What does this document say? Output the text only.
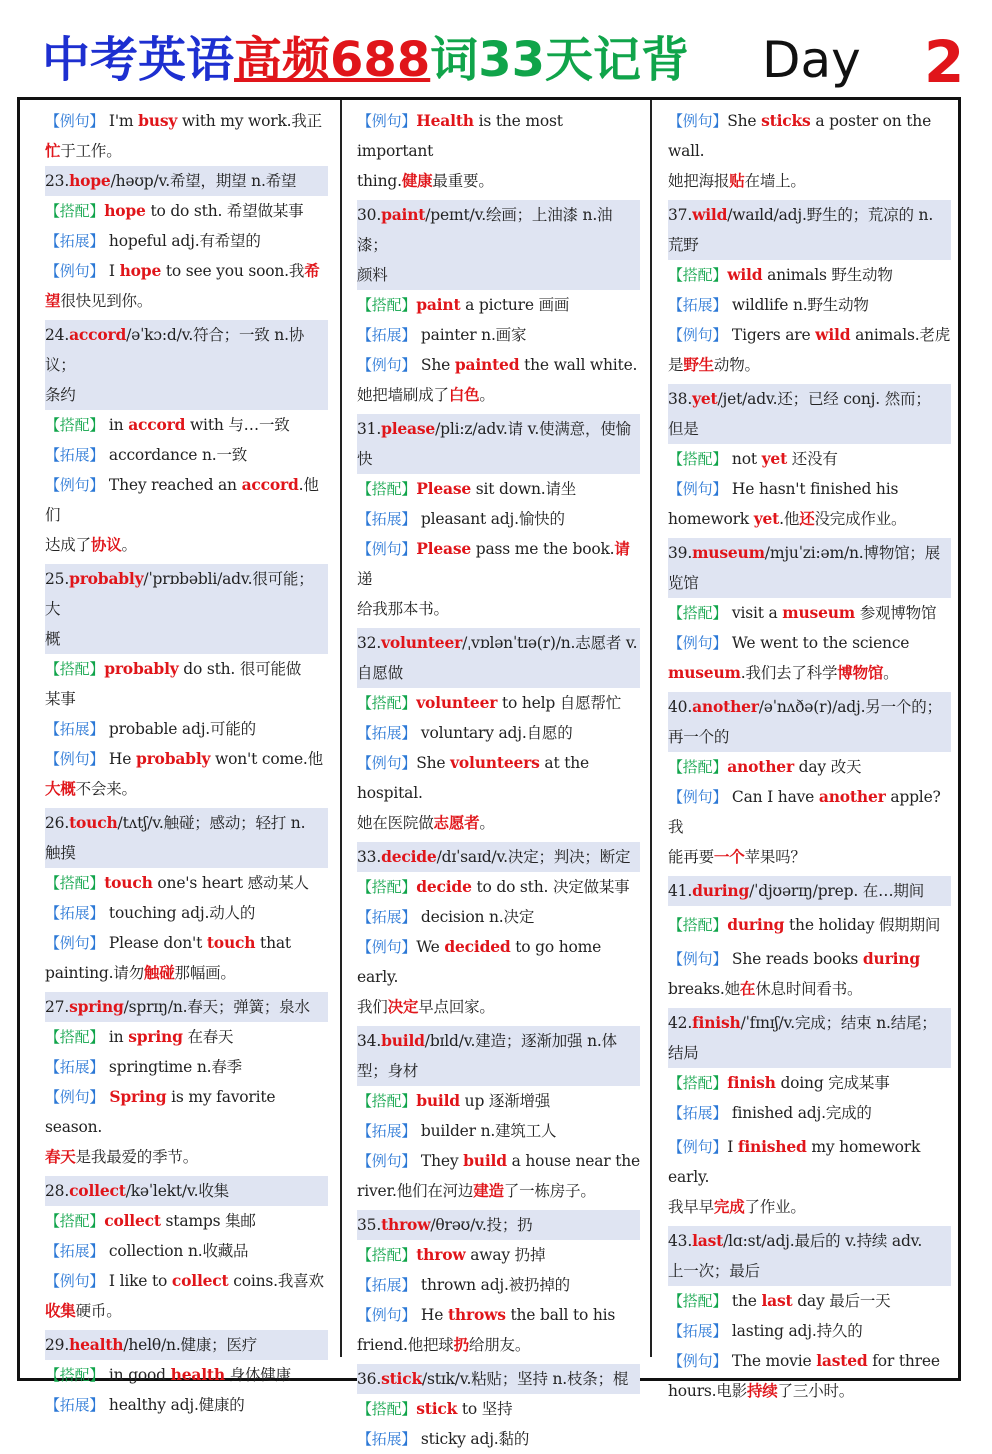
中考英语高频688词33天记背 Day 2

【例句】 I'm busy with my work.我正

忙于工作。

23.hope/həʊp/v.希望，期望 n.希望

【搭配】hope to do sth. 希望做某事

【拓展】 hopeful adj.有希望的

【例句】 I hope to see you soon.我希

望很快见到你。

24.accord/əˈkɔ:d/v.符合；一致 n.协议；

条约

【搭配】 in accord with 与…一致

【拓展】 accordance n.一致

【例句】 They reached an accord.他们

达成了协议。

25.probably/ˈprɒbəbli/adv.很可能；大

概

【搭配】probably do sth. 很可能做

某事

【拓展】 probable adj.可能的

【例句】 He probably won't come.他

大概不会来。

26.touch/tʌtʃ/v.触碰；感动；轻打 n.

触摸

【搭配】touch one's heart 感动某人

【拓展】 touching adj.动人的

【例句】 Please don't touch that

painting.请勿触碰那幅画。

27.spring/sprɪŋ/n.春天；弹簧；泉水

【搭配】 in spring 在春天

【拓展】 springtime n.春季

【例句】 Spring is my favorite season.

春天是我最爱的季节。

28.collect/kəˈlekt/v.收集

【搭配】collect stamps 集邮

【拓展】 collection n.收藏品

【例句】 I like to collect coins.我喜欢

收集硬币。

29.health/helθ/n.健康；医疗

【搭配】 in good health 身体健康

【拓展】 healthy adj.健康的

【例句】Health is the most important

thing.健康最重要。

30.paint/peɪnt/v.绘画；上油漆 n.油漆；

颜料

【搭配】paint a picture 画画

【拓展】 painter n.画家

【例句】 She painted the wall white.

她把墙刷成了白色。

31.please/pli:z/adv.请 v.使满意，使愉

快

【搭配】Please sit down.请坐

【拓展】 pleasant adj.愉快的

【例句】Please pass me the book.请递

给我那本书。

32.volunteer/ˌvɒlənˈtɪə(r)/n.志愿者 v.

自愿做

【搭配】volunteer to help 自愿帮忙

【拓展】 voluntary adj.自愿的

【例句】She volunteers at the hospital.

她在医院做志愿者。

33.decide/dɪˈsaɪd/v.决定；判决；断定

【搭配】decide to do sth. 决定做某事

【拓展】 decision n.决定

【例句】We decided to go home early.

我们决定早点回家。

34.build/bɪld/v.建造；逐渐加强 n.体

型；身材

【搭配】build up 逐渐增强

【拓展】 builder n.建筑工人

【例句】 They build a house near the

river.他们在河边建造了一栋房子。

35.throw/θrəʊ/v.投；扔

【搭配】throw away 扔掉

【拓展】 thrown adj.被扔掉的

【例句】 He throws the ball to his

friend.他把球扔给朋友。

36.stick/stɪk/v.粘贴；坚持 n.枝条；棍

【搭配】stick to 坚持

【拓展】 sticky adj.黏的

【例句】She sticks a poster on the wall.

她把海报贴在墙上。

37.wild/waɪld/adj.野生的；荒凉的 n.

荒野

【搭配】wild animals 野生动物

【拓展】 wildlife n.野生动物

【例句】 Tigers are wild animals.老虎

是野生动物。

38.yet/jet/adv.还；已经 conj. 然而；

但是

【搭配】 not yet 还没有

【例句】 He hasn't finished his

homework yet.他还没完成作业。

39.museum/mjuˈzi:əm/n.博物馆；展

览馆

【搭配】 visit a museum 参观博物馆

【例句】 We went to the science

museum.我们去了科学博物馆。

40.another/əˈnʌðə(r)/adj.另一个的；

再一个的

【搭配】another day 改天

【例句】 Can I have another apple?我

能再要一个苹果吗？

41.during/ˈdjʊərɪŋ/prep. 在…期间

【搭配】during the holiday 假期期间

【例句】 She reads books during

breaks.她在休息时间看书。

42.finish/ˈfɪnɪʃ/v.完成；结束 n.结尾；

结局

【搭配】finish doing 完成某事

【拓展】 finished adj.完成的

【例句】I finished my homework early.

我早早完成了作业。

43.last/lɑ:st/adj.最后的 v.持续 adv.

上一次；最后

【搭配】 the last day 最后一天

【拓展】 lasting adj.持久的

【例句】 The movie lasted for three

hours.电影持续了三小时。
